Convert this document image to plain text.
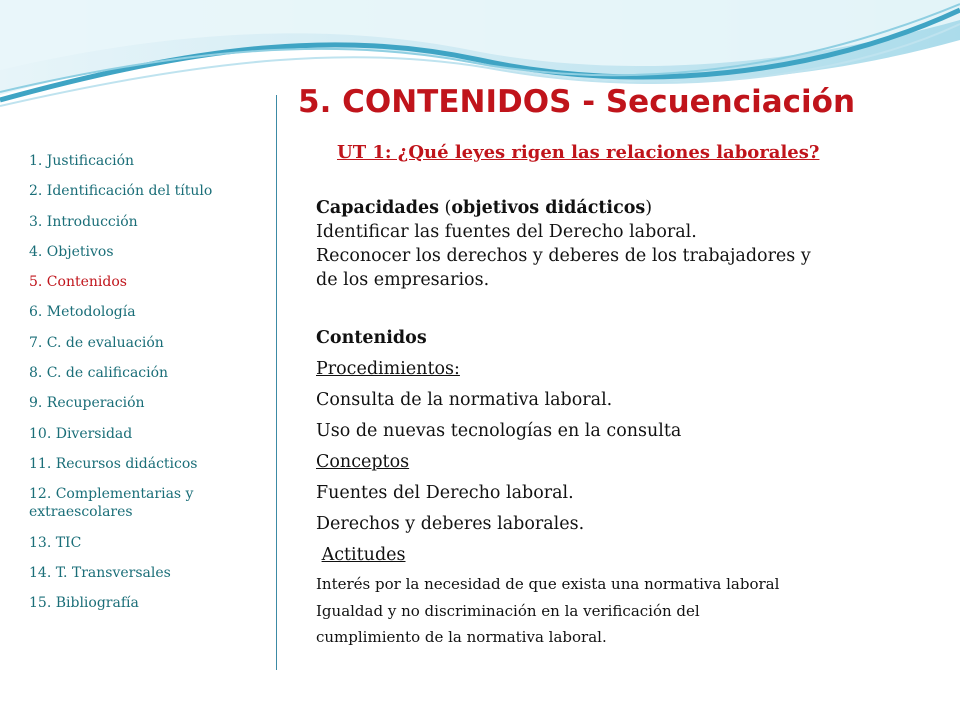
5. CONTENIDOS - Secuenciación
UT 1: ¿Qué leyes rigen las relaciones laborales?
1. Justificación
2. Identificación del título
3. Introducción
4. Objetivos
5. Contenidos
6. Metodología
7. C. de evaluación
8. C. de calificación
9. Recuperación
10. Diversidad
11. Recursos didácticos
12. Complementarias y extraescolares
13. TIC
14. T. Transversales
15. Bibliografía

Capacidades (objetivos didácticos)

Identificar las fuentes del Derecho laboral.

Reconocer los derechos y deberes de los trabajadores y

de los empresarios.

Contenidos

Procedimientos:

Consulta de la normativa laboral.

Uso de nuevas tecnologías en la consulta

Conceptos

Fuentes del Derecho laboral.

Derechos y deberes laborales.

Actitudes

Interés por la necesidad de que exista una normativa laboral

Igualdad y no discriminación en la verificación del

cumplimiento de la normativa laboral.
